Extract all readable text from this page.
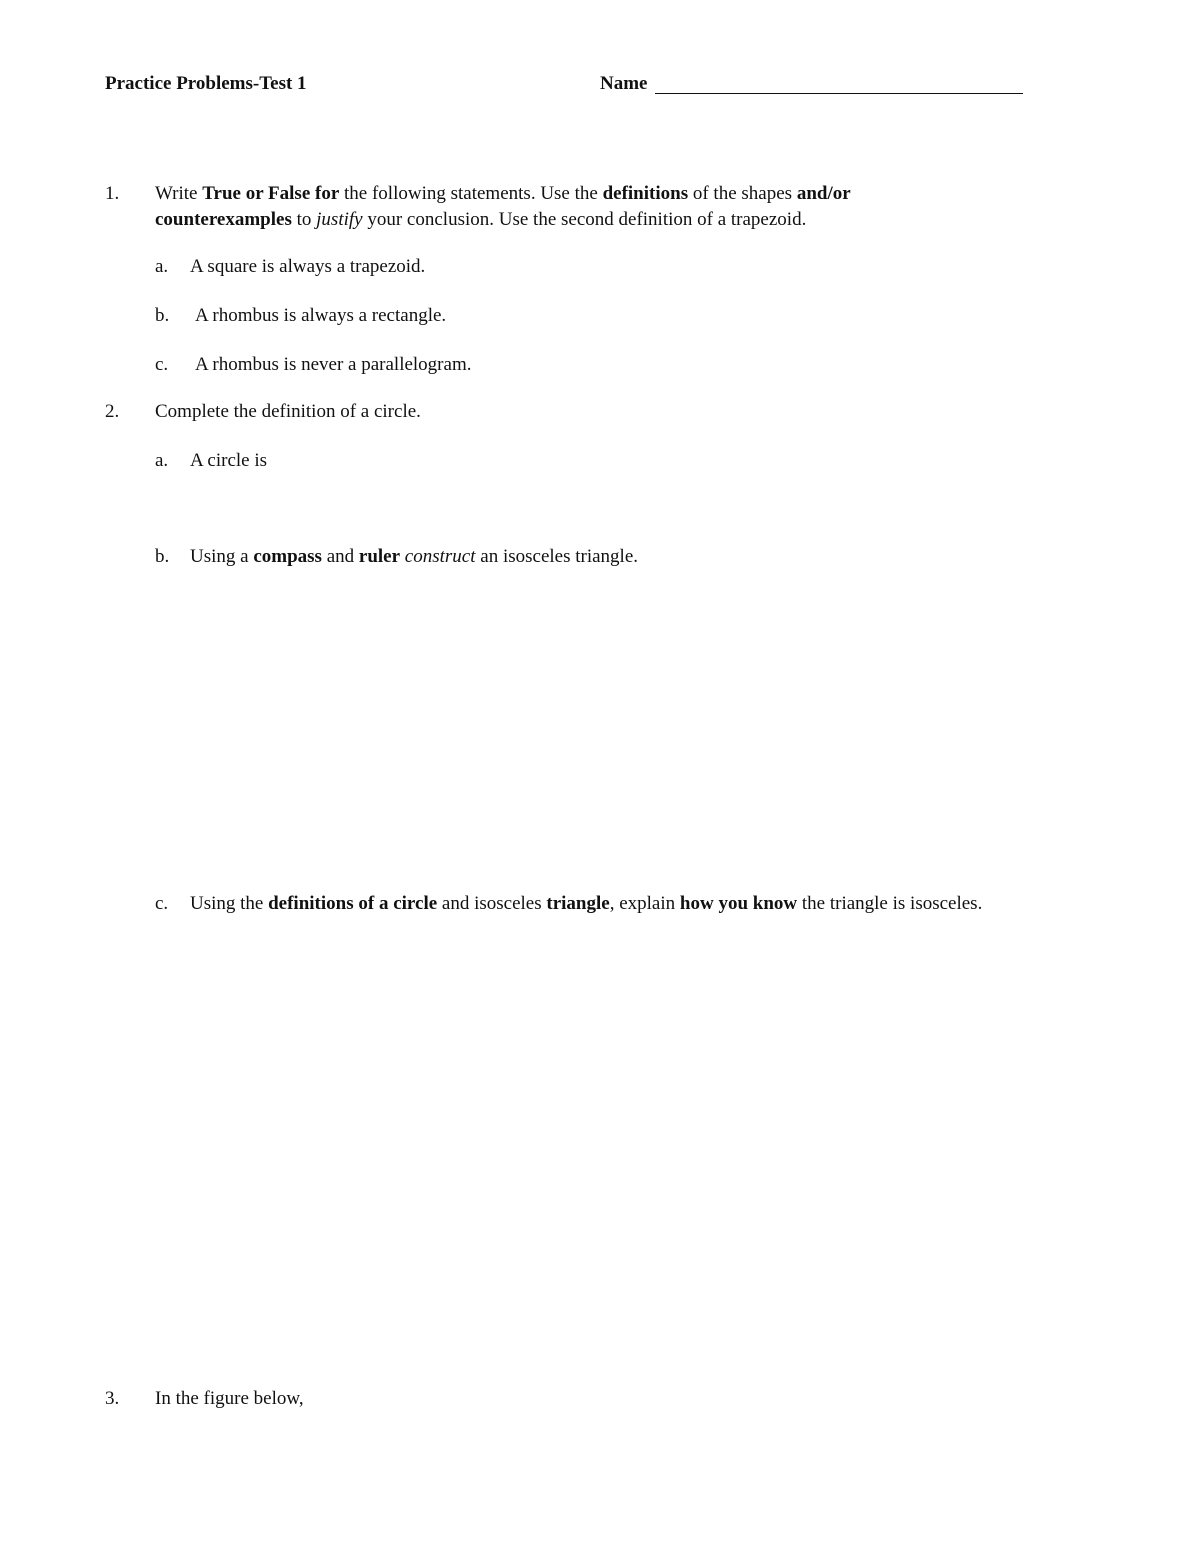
Practice Problems-Test 1	Name
1. Write True or False for the following statements. Use the definitions of the shapes and/or
counterexamples to justify your conclusion. Use the second definition of a trapezoid.
a. A square is always a trapezoid.
b. A rhombus is always a rectangle.
c. A rhombus is never a parallelogram.
2. Complete the definition of a circle.
a. A circle is
b. Using a compass and ruler construct an isosceles triangle.
c. Using the definitions of a circle and isosceles triangle, explain how you know the triangle is isosceles.
3. In the figure below,
